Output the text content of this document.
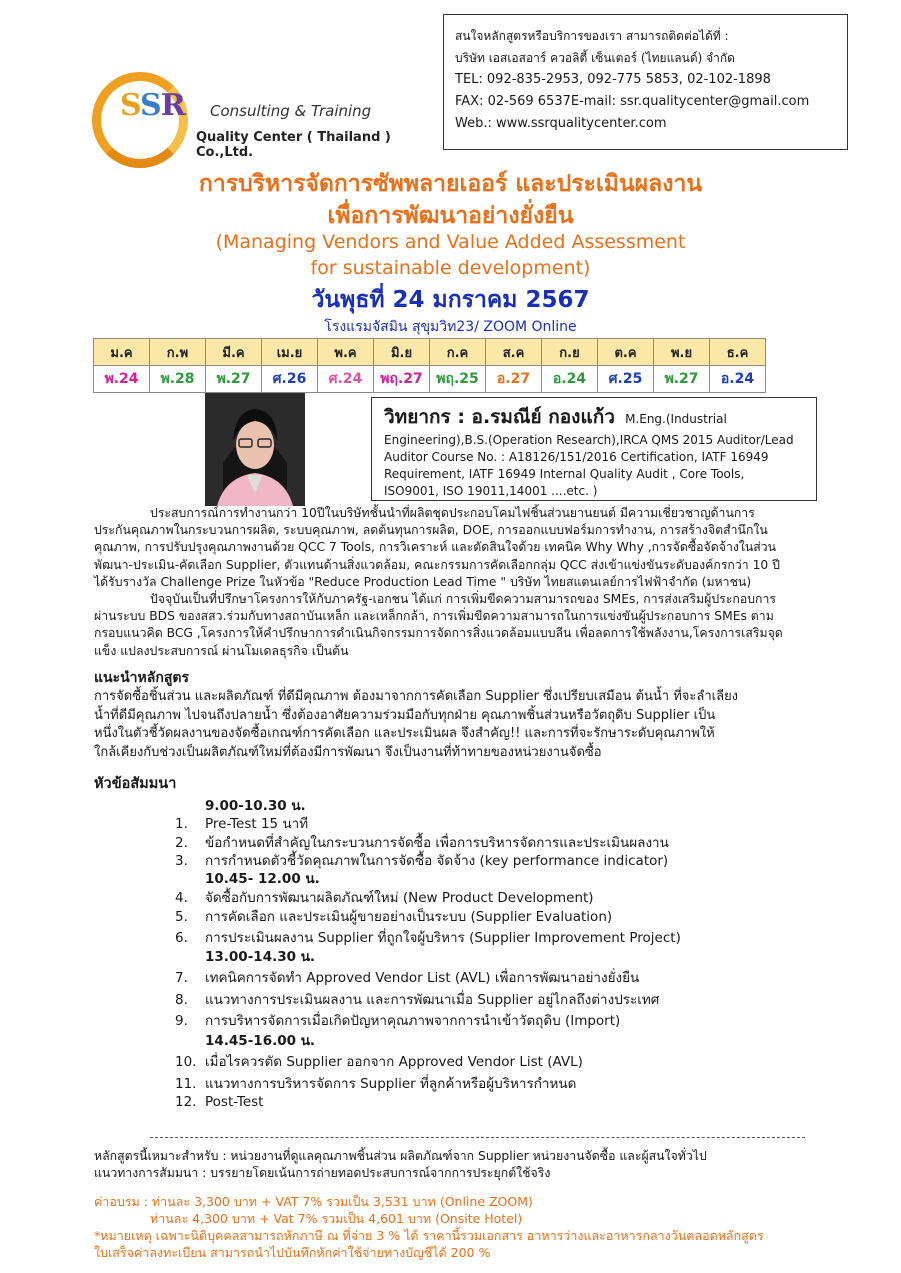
SSR Consulting & Training
Quality Center ( Thailand ) Co.,Ltd.
สนใจหลักสูตรหรือบริการของเรา สามารถติดต่อได้ที่ :
บริษัท เอสเอสอาร์ ควอลิตี้ เซ็นเตอร์ (ไทยแลนด์) จำกัด
TEL: 092-835-2953, 092-775 5853, 02-102-1898
FAX: 02-569 6537E-mail: ssr.qualitycenter@gmail.com
Web.: www.ssrqualitycenter.com
การบริหารจัดการซัพพลายเออร์ และประเมินผลงาน
เพื่อการพัฒนาอย่างยั่งยืน
(Managing Vendors and Value Added Assessment
for sustainable development)
วันพุธที่ 24 มกราคม 2567
โรงแรมจัสมิน สุขุมวิท23/ ZOOM Online
ม.ค	ก.พ	มี.ค	เม.ย	พ.ค	มิ.ย	ก.ค	ส.ค	ก.ย	ต.ค	พ.ย	ธ.ค
พ.24	พ.28	พ.27	ศ.26	ศ.24	พฤ.27	พฤ.25	อ.27	อ.24	ศ.25	พ.27	อ.24
วิทยากร : อ.รมณีย์ กองแก้ว M.Eng.(Industrial
Engineering),B.S.(Operation Research),IRCA QMS 2015 Auditor/Lead
Auditor Course No. : A18126/151/2016 Certification, IATF 16949
Requirement, IATF 16949 Internal Quality Audit , Core Tools,
ISO9001, ISO 19011,14001 ....etc. )
ประสบการณ์การทำงานกว่า 10ปีในบริษัทชั้นนำที่ผลิตชุดประกอบโคมไฟชิ้นส่วนยานยนต์ มีความเชี่ยวชาญด้านการ
ประกันคุณภาพในกระบวนการผลิต, ระบบคุณภาพ, ลดต้นทุนการผลิต, DOE, การออกแบบฟอร์มการทำงาน, การสร้างจิตสำนึกใน
คุณภาพ, การปรับปรุงคุณภาพงานด้วย QCC 7 Tools, การวิเคราะห์ และตัดสินใจด้วย เทคนิค Why Why ,การจัดซื้อจัดจ้างในส่วน
พัฒนา-ประเมิน-คัดเลือก Supplier, ตัวแทนด้านสิ่งแวดล้อม, คณะกรรมการคัดเลือกกลุ่ม QCC ส่งเข้าแข่งขันระดับองค์กรกว่า 10 ปี
ได้รับรางวัล Challenge Prize ในหัวข้อ "Reduce Production Lead Time " บริษัท ไทยสแตนเลย์การไฟฟ้าจำกัด (มหาชน)
ปัจจุบันเป็นที่ปรึกษาโครงการให้กับภาครัฐ-เอกชน ได้แก่ การเพิ่มขีดความสามารถของ SMEs, การส่งเสริมผู้ประกอบการ
ผ่านระบบ BDS ของสสว.ร่วมกับทางสถาบันเหล็ก และเหล็กกล้า, การเพิ่มขีดความสามารถในการแข่งขันผู้ประกอบการ SMEs ตาม
กรอบแนวคิด BCG ,โครงการให้คำปรึกษาการดำเนินกิจกรรมการจัดการสิ่งแวดล้อมแบบลีน เพื่อลดการใช้พลังงาน,โครงการเสริมจุด
แข็ง แปลงประสบการณ์ ผ่านโมเดลธุรกิจ เป็นต้น
แนะนำหลักสูตร
การจัดซื้อชิ้นส่วน และผลิตภัณฑ์ ที่ดีมีคุณภาพ ต้องมาจากการคัดเลือก Supplier ซึ่งเปรียบเสมือน ต้นน้ำ ที่จะลำเลียง
น้ำที่ดีมีคุณภาพ ไปจนถึงปลายน้ำ ซึ่งต้องอาศัยความร่วมมือกับทุกฝ่าย คุณภาพชิ้นส่วนหรือวัตถุดิบ Supplier เป็น
หนึ่งในตัวชี้วัดผลงานของจัดซื้อเกณฑ์การคัดเลือก และประเมินผล จึงสำคัญ!! และการที่จะรักษาระดับคุณภาพให้
ใกล้เคียงกับช่วงเป็นผลิตภัณฑ์ใหม่ที่ต้องมีการพัฒนา จึงเป็นงานที่ท้าทายของหน่วยงานจัดซื้อ
หัวข้อสัมมนา
9.00-10.30 น.
1. Pre-Test 15 นาที
2. ข้อกำหนดที่สำคัญในกระบวนการจัดซื้อ เพื่อการบริหารจัดการและประเมินผลงาน
3. การกำหนดตัวชี้วัดคุณภาพในการจัดซื้อ จัดจ้าง (key performance indicator)
10.45- 12.00 น.
4. จัดซื้อกับการพัฒนาผลิตภัณฑ์ใหม่ (New Product Development)
5. การคัดเลือก และประเมินผู้ขายอย่างเป็นระบบ (Supplier Evaluation)
6. การประเมินผลงาน Supplier ที่ถูกใจผู้บริหาร (Supplier Improvement Project)
13.00-14.30 น.
7. เทคนิคการจัดทำ Approved Vendor List (AVL) เพื่อการพัฒนาอย่างยั่งยืน
8. แนวทางการประเมินผลงาน และการพัฒนาเมื่อ Supplier อยู่ไกลถึงต่างประเทศ
9. การบริหารจัดการเมื่อเกิดปัญหาคุณภาพจากการนำเข้าวัตถุดิบ (Import)
14.45-16.00 น.
10. เมื่อไรควรตัด Supplier ออกจาก Approved Vendor List (AVL)
11. แนวทางการบริหารจัดการ Supplier ที่ลูกค้าหรือผู้บริหารกำหนด
12. Post-Test
หลักสูตรนี้เหมาะสำหรับ : หน่วยงานที่ดูแลคุณภาพชิ้นส่วน ผลิตภัณฑ์จาก Supplier หน่วยงานจัดซื้อ และผู้สนใจทั่วไป
แนวทางการสัมมนา : บรรยายโดยเน้นการถ่ายทอดประสบการณ์จากการประยุกต์ใช้จริง
ค่าอบรม : ท่านละ 3,300 บาท + VAT 7% รวมเป็น 3,531 บาท (Online ZOOM)
ท่านละ 4,300 บาท + Vat 7% รวมเป็น 4,601 บาท (Onsite Hotel)
*หมายเหตุ เฉพาะนิติบุคคลสามารถหักภาษี ณ ที่จ่าย 3 % ได้ ราคานี้รวมเอกสาร อาหารว่างและอาหารกลางวันตลอดหลักสูตร
ใบเสร็จค่าลงทะเบียน สามารถนำไปบันทึกหักค่าใช้จ่ายทางบัญชีได้ 200 %
